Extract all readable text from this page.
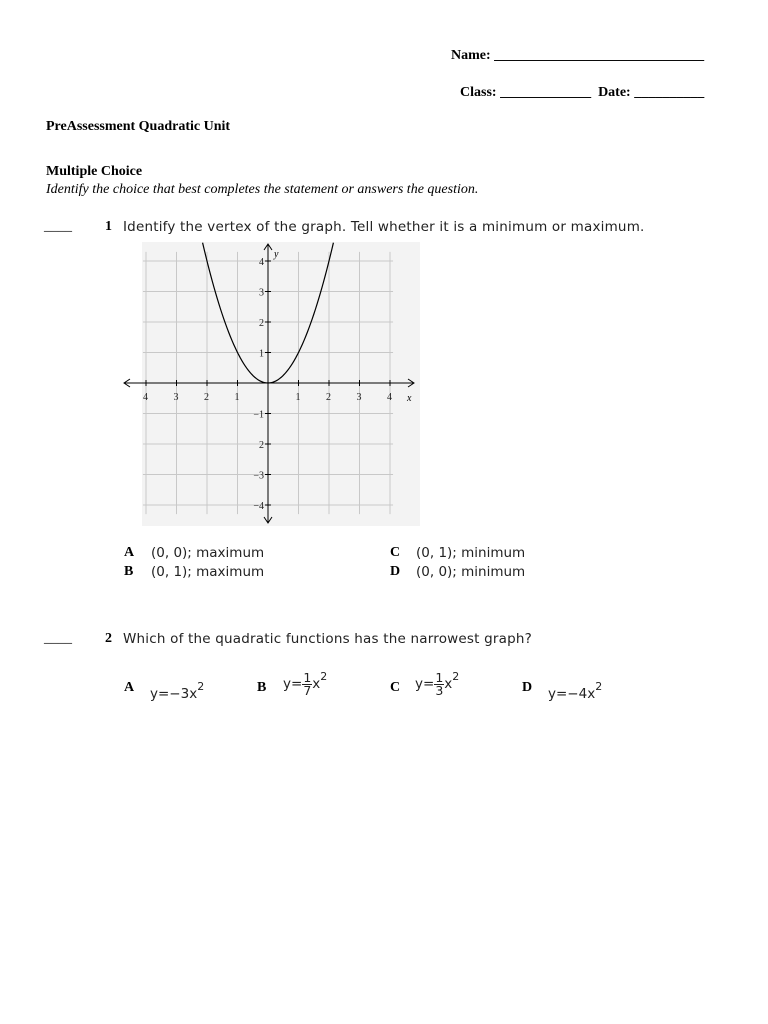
Name: ______________________________
Class: _____________ Date: __________
PreAssessment Quadratic Unit
Multiple Choice
Identify the choice that best completes the statement or answers the question.
____ 1 Identify the vertex of the graph. Tell whether it is a minimum or maximum.
4	3	2	1	1	2	3	4
4
3
2
1
−1
2
−3
−4
x
y
A (0, 0); maximum
B (0, 1); maximum
C (0, 1); minimum
D (0, 0); minimum
____ 2 Which of the quadratic functions has the narrowest graph?
A $y=-3x^2$	B $y= \frac{1}{7} x^2$
C $y= \frac{1}{3} x^2$
D $y=-4x^2$
